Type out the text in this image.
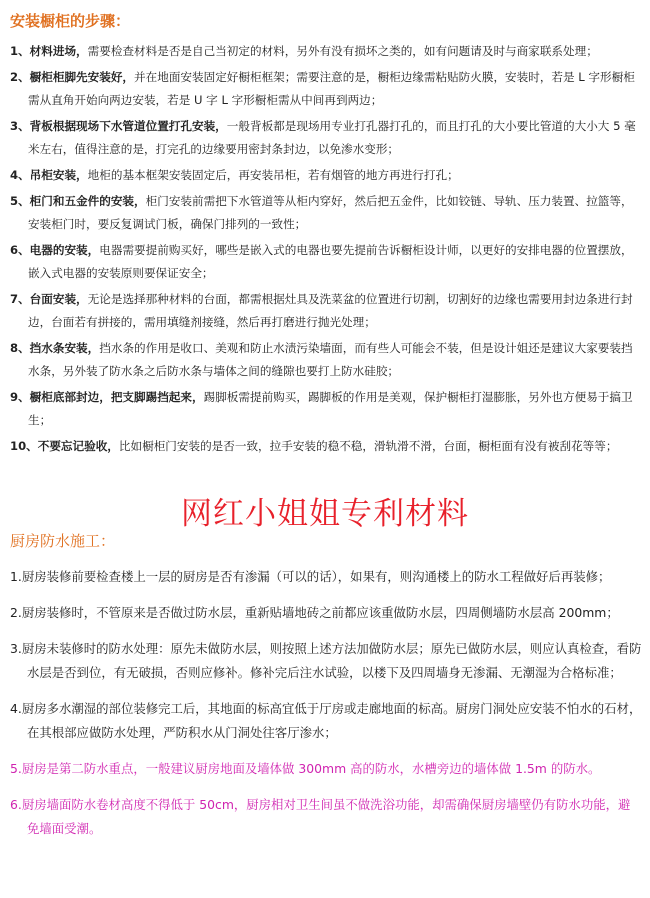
安装橱柜的步骤：
1、材料进场，需要检查材料是否是自己当初定的材料，另外有没有损坏之类的，如有问题请及时与商家联系处理；
2、橱柜柜脚先安装好，并在地面安装固定好橱柜框架；需要注意的是，橱柜边缘需粘贴防火膜，安装时，若是 L 字形橱柜需从直角开始向两边安装，若是 U 字 L 字形橱柜需从中间再到两边；
3、背板根据现场下水管道位置打孔安装，一般背板都是现场用专业打孔器打孔的，而且打孔的大小要比管道的大小大 5 毫米左右，值得注意的是，打完孔的边缘要用密封条封边，以免渗水变形；
4、吊柜安装，地柜的基本框架安装固定后，再安装吊柜，若有烟管的地方再进行打孔；
5、柜门和五金件的安装，柜门安装前需把下水管道等从柜内穿好，然后把五金件，比如铰链、导轨、压力装置、拉篮等，安装柜门时，要反复调试门板，确保门排列的一致性；
6、电器的安装，电器需要提前购买好，哪些是嵌入式的电器也要先提前告诉橱柜设计师，以更好的安排电器的位置摆放，嵌入式电器的安装原则要保证安全；
7、台面安装，无论是选择那种材料的台面，都需根据灶具及洗菜盆的位置进行切割，切割好的边缘也需要用封边条进行封边，台面若有拼接的，需用填缝剂接缝，然后再打磨进行抛光处理；
8、挡水条安装，挡水条的作用是收口、美观和防止水渍污染墙面，而有些人可能会不装，但是设计姐还是建议大家要装挡水条，另外装了防水条之后防水条与墙体之间的缝隙也要打上防水硅胶；
9、橱柜底部封边，把支脚踢挡起来，踢脚板需提前购买，踢脚板的作用是美观，保护橱柜打湿膨胀，另外也方便易于搞卫生；
10、不要忘记验收，比如橱柜门安装的是否一致，拉手安装的稳不稳，滑轨滑不滑，台面，橱柜面有没有被刮花等等；
网红小姐姐专利材料
厨房防水施工：
1.厨房装修前要检查楼上一层的厨房是否有渗漏（可以的话），如果有，则沟通楼上的防水工程做好后再装修；
2.厨房装修时，不管原来是否做过防水层，重新贴墙地砖之前都应该重做防水层，四周侧墙防水层高 200mm；
3.厨房未装修时的防水处理：原先未做防水层，则按照上述方法加做防水层；原先已做防水层，则应认真检查，看防水层是否到位，有无破损，否则应修补。修补完后注水试验，以楼下及四周墙身无渗漏、无潮湿为合格标准；
4.厨房多水潮湿的部位装修完工后，其地面的标高宜低于厅房或走廊地面的标高。厨房门洞处应安装不怕水的石材，在其根部应做防水处理，严防积水从门洞处往客厅渗水；
5.厨房是第二防水重点，一般建议厨房地面及墙体做 300mm 高的防水，水槽旁边的墙体做 1.5m 的防水。
6.厨房墙面防水卷材高度不得低于 50cm，厨房相对卫生间虽不做洗浴功能，却需确保厨房墙壁仍有防水功能，避免墙面受潮。
